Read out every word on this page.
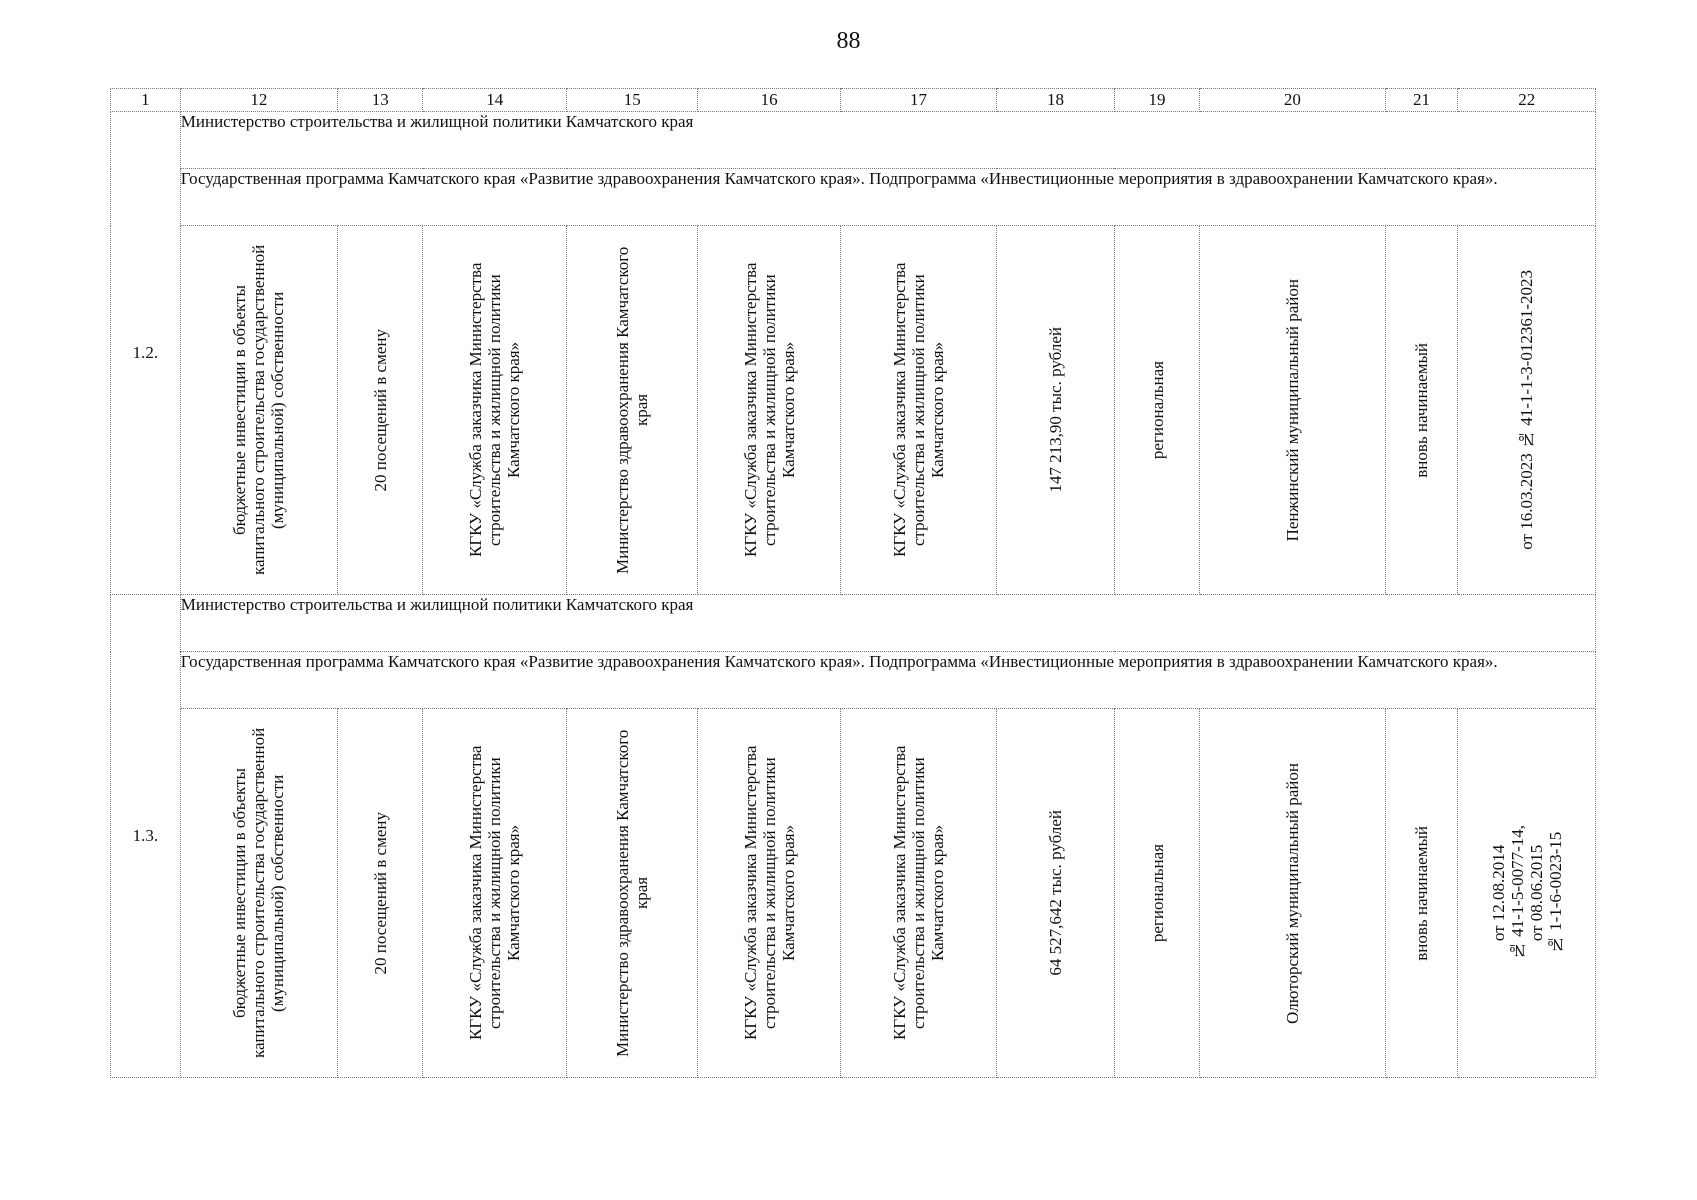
88
1	12	13	14	15	16	17	18	19	20	21	22
1.2.	Министерство строительства и жилищной политики Камчатского края										
	Государственная программа Камчатского края «Развитие здравоохранения Камчатского края». Подпрограмма «Инвестиционные мероприятия в здравоохранении Камчатского края».										

	бюджетные инвестиции в объекты капитального строительства государственной (муниципальной) собственности	20 посещений в смену	КГКУ «Служба заказчика Министерства строительства и жилищной политики Камчатского края»	Министерство здравоохранения Камчатского края	КГКУ «Служба заказчика Министерства строительства и жилищной политики Камчатского края»	КГКУ «Служба заказчика Министерства строительства и жилищной политики Камчатского края»	147 213,90 тыс. рублей	региональная	Пенжинский муниципальный район	вновь начинаемый	от 16.03.2023 № 41-1-1-3-012361-2023

1.3.	Министерство строительства и жилищной политики Камчатского края										
	Государственная программа Камчатского края «Развитие здравоохранения Камчатского края». Подпрограмма «Инвестиционные мероприятия в здравоохранении Камчатского края».										

	бюджетные инвестиции в объекты капитального строительства государственной (муниципальной) собственности	20 посещений в смену	КГКУ «Служба заказчика Министерства строительства и жилищной политики Камчатского края»	Министерство здравоохранения Камчатского края	КГКУ «Служба заказчика Министерства строительства и жилищной политики Камчатского края»	КГКУ «Служба заказчика Министерства строительства и жилищной политики Камчатского края»	64 527,642 тыс. рублей	региональная	Олюторский муниципальный район	вновь начинаемый	от 12.08.2014
№ 41-1-5-0077-14,
от 08.06.2015
№ 1-1-6-0023-15
